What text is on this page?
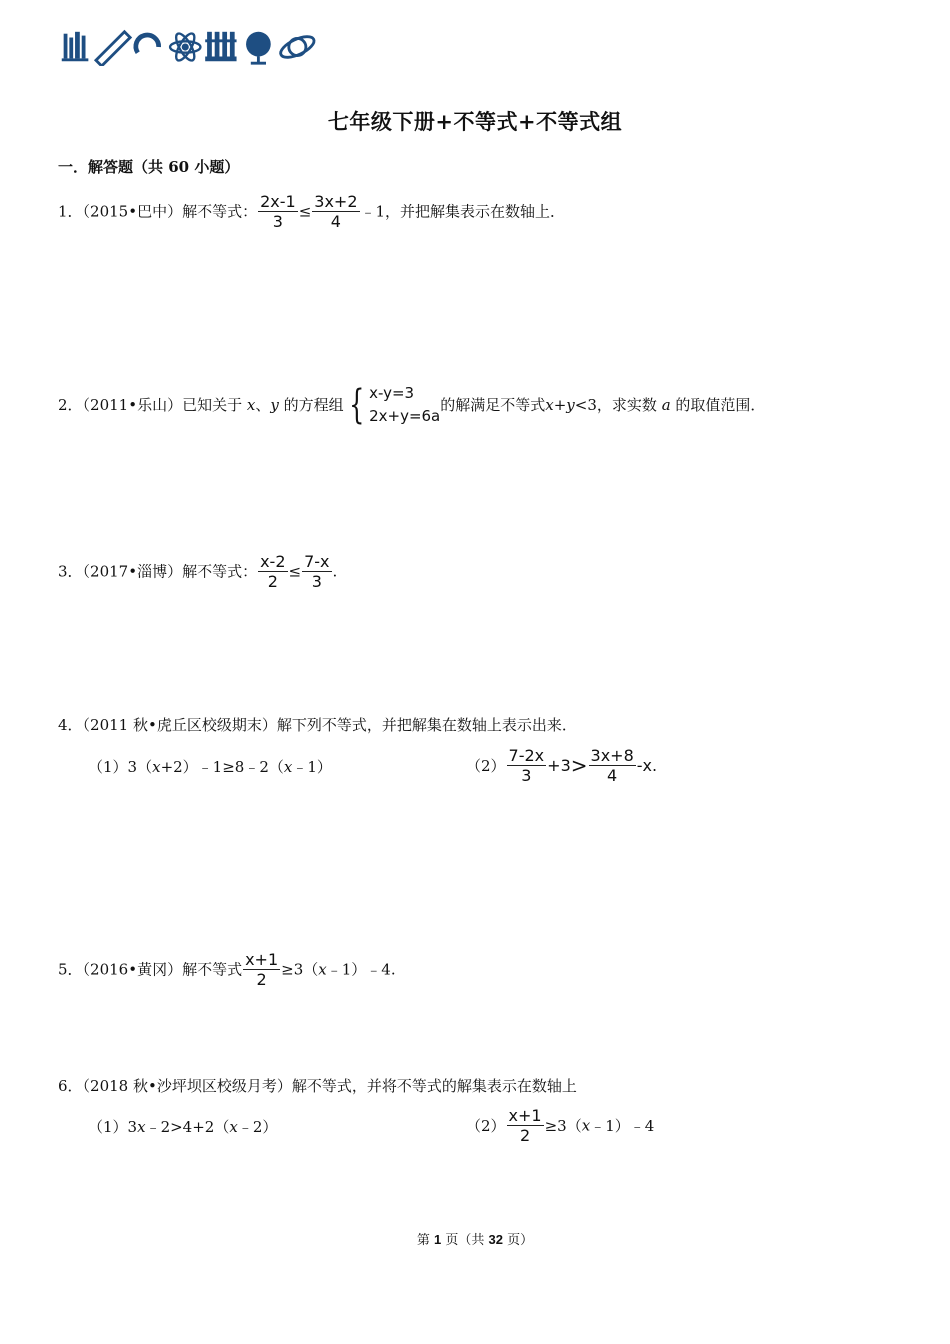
七年级下册+不等式+不等式组
一．解答题（共 60 小题）
1．（2015•巴中）解不等式： $\frac{2x-1}{3} \le \frac{3x+2}{4}$ ﹣1，并把解集表示在数轴上．
2．（2011•乐山）已知关于 x、y 的方程组 { x-y=3
2x+y=6a
的解满足不等式x+y<3，求实数 a 的取值范围．
3．（2017•淄博）解不等式： $\frac{x-2}{2} \le \frac{7-x}{3}$ .
4．（2011 秋•虎丘区校级期末）解下列不等式，并把解集在数轴上表示出来．
（1）3（x+2）﹣1≥8﹣2（x﹣1）	$(2) \frac{7-2x}{3} +3> \frac{3x+8}{4} -x$.
5．（2016•黄冈）解不等式 $\frac{x+1}{2}$ ≥3（x﹣1）﹣4.
6．（2018 秋•沙坪坝区校级月考）解不等式，并将不等式的解集表示在数轴上
（1）3x﹣2>4+2（x﹣2）	$(2) \frac{x+1}{2}$ ≥3（x﹣1）﹣4
第 1 页（共 32 页）
